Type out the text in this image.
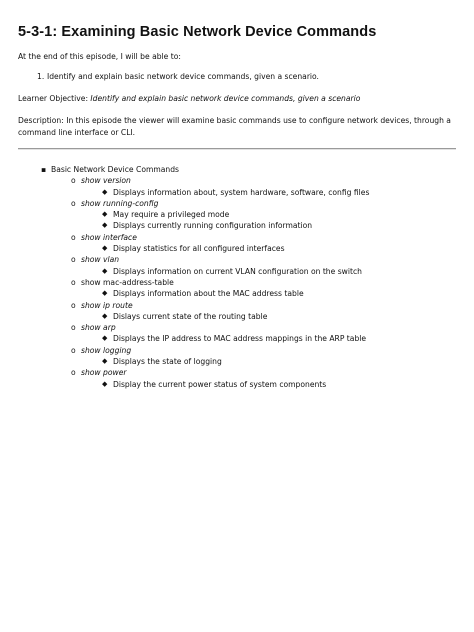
5-3-1: Examining Basic Network Device Commands

At the end of this episode, I will be able to:

1. Identify and explain basic network device commands, given a scenario.

Learner Objective: Identify and explain basic network device commands, given a scenario

Description: In this episode the viewer will examine basic commands use to configure network devices, through a command line interface or CLI.

▪ Basic Network Device Commands
o show version
◆ Displays information about, system hardware, software, config files
o show running-config
◆ May require a privileged mode
◆ Displays currently running configuration information
o show interface
◆ Display statistics for all configured interfaces
o show vlan
◆ Displays information on current VLAN configuration on the switch
o show mac-address-table
◆ Displays information about the MAC address table
o show ip route
◆ Dislays current state of the routing table
o show arp
◆ Displays the IP address to MAC address mappings in the ARP table
o show logging
◆ Displays the state of logging
o show power
◆ Display the current power status of system components
